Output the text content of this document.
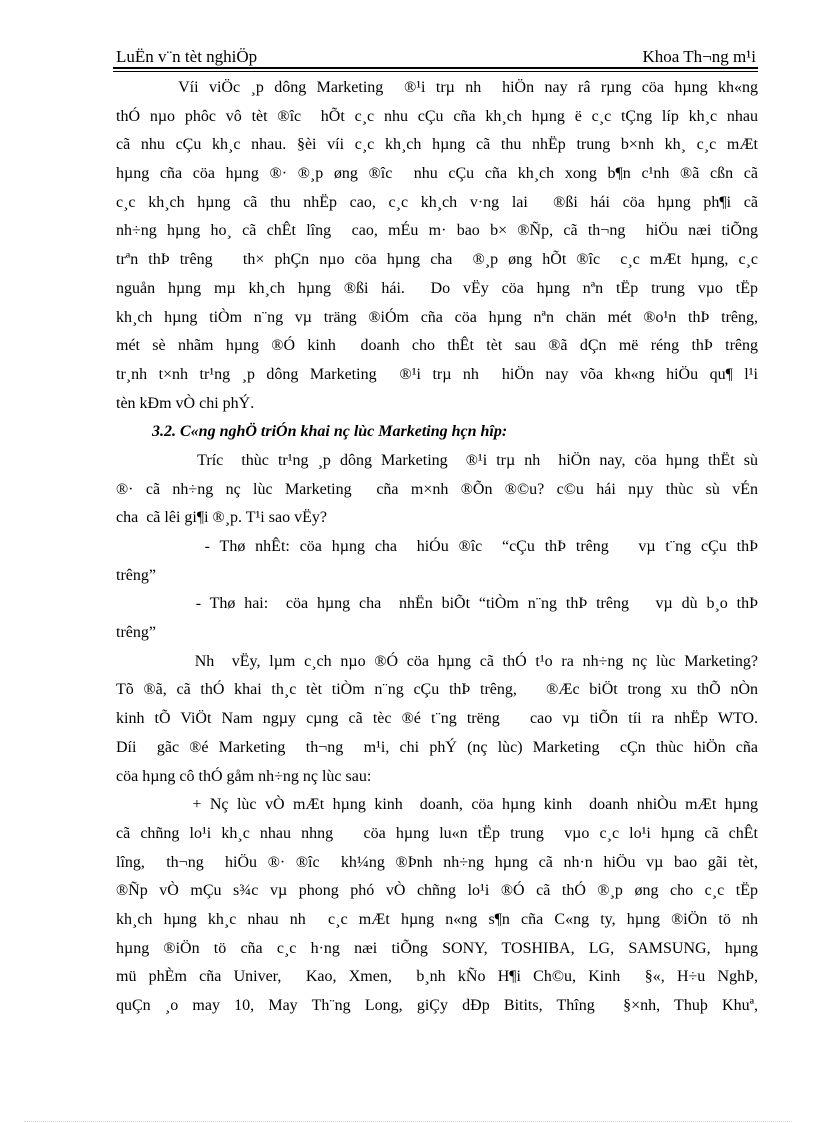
LuËn v¨n tèt nghiÖp	Khoa Th¬ng m¹i
Víi viÖc ¸p dông Marketing  ®¹i trµ nh  hiÖn nay râ rµng cöa hµng kh«ng
thÓ nµo phôc vô tèt ®îc  hÕt c¸c nhu cÇu cña kh¸ch hµng ë c¸c tÇng líp kh¸c nhau
cã nhu cÇu kh¸c nhau. §èi víi c¸c kh¸ch hµng cã thu nhËp trung b×nh kh¸ c¸c mÆt
hµng cña cöa hµng ®· ®¸p øng ®îc  nhu cÇu cña kh¸ch xong b¶n c¹nh ®ã cßn cã
c¸c kh¸ch hµng cã thu nhËp cao, c¸c kh¸ch v·ng lai  ®ßi hái cöa hµng ph¶i cã
nh÷ng hµng ho¸ cã chÊt lîng  cao, mÉu m· bao b× ®Ñp, cã th¬ng  hiÖu næi tiÕng
trªn thÞ trêng   th× phÇn nµo cöa hµng cha  ®¸p øng hÕt ®îc  c¸c mÆt hµng, c¸c
nguån hµng mµ kh¸ch hµng ®ßi hái.  Do vËy cöa hµng nªn tËp trung vµo tËp
kh¸ch hµng tiÒm n¨ng vµ träng ®iÓm cña cöa hµng nªn chän mét ®o¹n thÞ trêng,
mét sè nhãm hµng ®Ó kinh  doanh cho thÊt tèt sau ®ã dÇn më réng thÞ trêng
tr¸nh t×nh tr¹ng ¸p dông Marketing  ®¹i trµ nh  hiÖn nay võa kh«ng hiÖu qu¶ l¹i
tèn kÐm vÒ chi phÝ.
3.2. C«ng nghÖ triÓn khai nç lùc Marketing hçn hîp:
Tríc  thùc tr¹ng ¸p dông Marketing  ®¹i trµ nh  hiÖn nay, cöa hµng thËt sù
®· cã nh÷ng nç lùc Marketing  cña m×nh ®Õn ®©u? c©u hái nµy thùc sù vÉn
cha  cã lêi gi¶i ®¸p. T¹i sao vËy?
- Thø nhÊt: cöa hµng cha  hiÓu ®îc  “cÇu thÞ trêng   vµ t¨ng cÇu thÞ
trêng”
- Thø hai:  cöa hµng cha  nhËn biÕt “tiÒm n¨ng thÞ trêng   vµ dù b¸o thÞ
trêng”
Nh  vËy, lµm c¸ch nµo ®Ó cöa hµng cã thÓ t¹o ra nh÷ng nç lùc Marketing?
Tõ ®ã, cã thÓ khai th¸c tèt tiÒm n¨ng cÇu thÞ trêng,   ®Æc biÖt trong xu thÕ nÒn
kinh tÕ ViÖt Nam ngµy cµng cã tèc ®é t¨ng trëng   cao vµ tiÕn tíi ra nhËp WTO.
Díi  gãc ®é Marketing  th¬ng  m¹i, chi phÝ (nç lùc) Marketing  cÇn thùc hiÖn cña
cöa hµng cô thÓ gåm nh÷ng nç lùc sau:
+ Nç lùc vÒ mÆt hµng kinh  doanh, cöa hµng kinh  doanh nhiÒu mÆt hµng
cã chñng lo¹i kh¸c nhau nhng   cöa hµng lu«n tËp trung  vµo c¸c lo¹i hµng cã chÊt
lîng,  th¬ng  hiÖu ®· ®îc  kh¼ng ®Þnh nh÷ng hµng cã nh·n hiÖu vµ bao gãi tèt,
®Ñp vÒ mÇu s¾c vµ phong phó vÒ chñng lo¹i ®Ó cã thÓ ®¸p øng cho c¸c tËp
kh¸ch hµng kh¸c nhau nh  c¸c mÆt hµng n«ng s¶n cña C«ng ty, hµng ®iÖn tö nh
hµng ®iÖn tö cña c¸c h·ng næi tiÕng SONY, TOSHIBA, LG, SAMSUNG, hµng
mü phÈm cña Univer,  Kao, Xmen,  b¸nh kÑo H¶i Ch©u, Kinh  §«, H÷u NghÞ,
quÇn ¸o may 10, May Th¨ng Long, giÇy dÐp Bitits, Thîng  §×nh, Thuþ Khuª,
